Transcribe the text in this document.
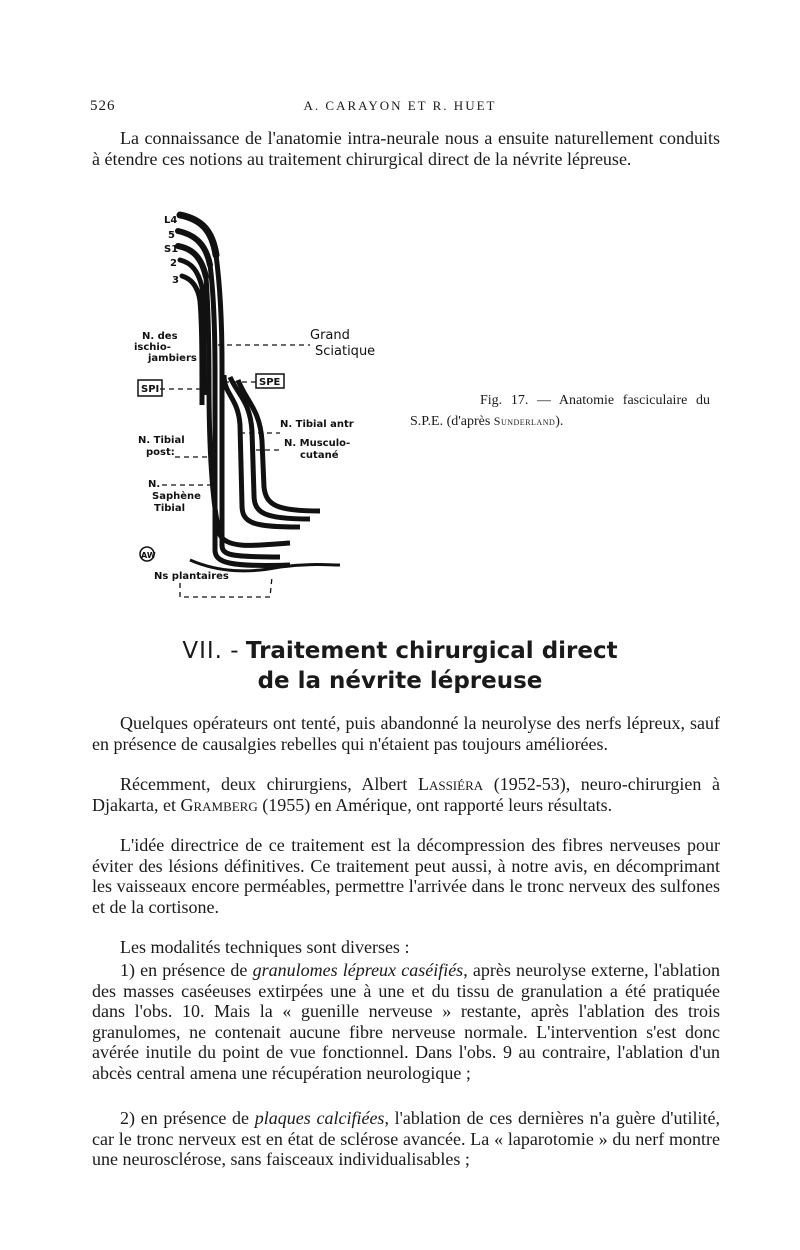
526	A. CARAYON ET R. HUET

La connaissance de l'anatomie intra-neurale nous a ensuite naturellement conduits à étendre ces notions au traitement chirurgical direct de la névrite lépreuse.

L4
5
S1
2
3
N. des
ischio-
jambiers
Grand
Sciatique
SPI
SPE
N. Tibial antr
N. Tibial
post:
N. Musculo-
cutané
N.
Saphène
Tibial
AW
Ns plantaires
Fig. 17. — Anatomie fasciculaire du S.P.E. (d'après Sunderland).
VII. - Traitement chirurgical direct
de la névrite lépreuse

Quelques opérateurs ont tenté, puis abandonné la neurolyse des nerfs lépreux, sauf en présence de causalgies rebelles qui n'étaient pas toujours améliorées.

Récemment, deux chirurgiens, Albert Lassiéra (1952-53), neuro-chirurgien à Djakarta, et Gramberg (1955) en Amérique, ont rapporté leurs résultats.

L'idée directrice de ce traitement est la décompression des fibres nerveuses pour éviter des lésions définitives. Ce traitement peut aussi, à notre avis, en décomprimant les vaisseaux encore perméables, permettre l'arrivée dans le tronc nerveux des sulfones et de la cortisone.

Les modalités techniques sont diverses :

1) en présence de granulomes lépreux caséifiés, après neurolyse externe, l'ablation des masses caséeuses extirpées une à une et du tissu de granulation a été pratiquée dans l'obs. 10. Mais la « guenille nerveuse » restante, après l'ablation des trois granulomes, ne contenait aucune fibre nerveuse normale. L'intervention s'est donc avérée inutile du point de vue fonctionnel. Dans l'obs. 9 au contraire, l'ablation d'un abcès central amena une récupération neurologique ;

2) en présence de plaques calcifiées, l'ablation de ces dernières n'a guère d'utilité, car le tronc nerveux est en état de sclérose avancée. La « laparotomie » du nerf montre une neurosclérose, sans faisceaux individualisables ;
